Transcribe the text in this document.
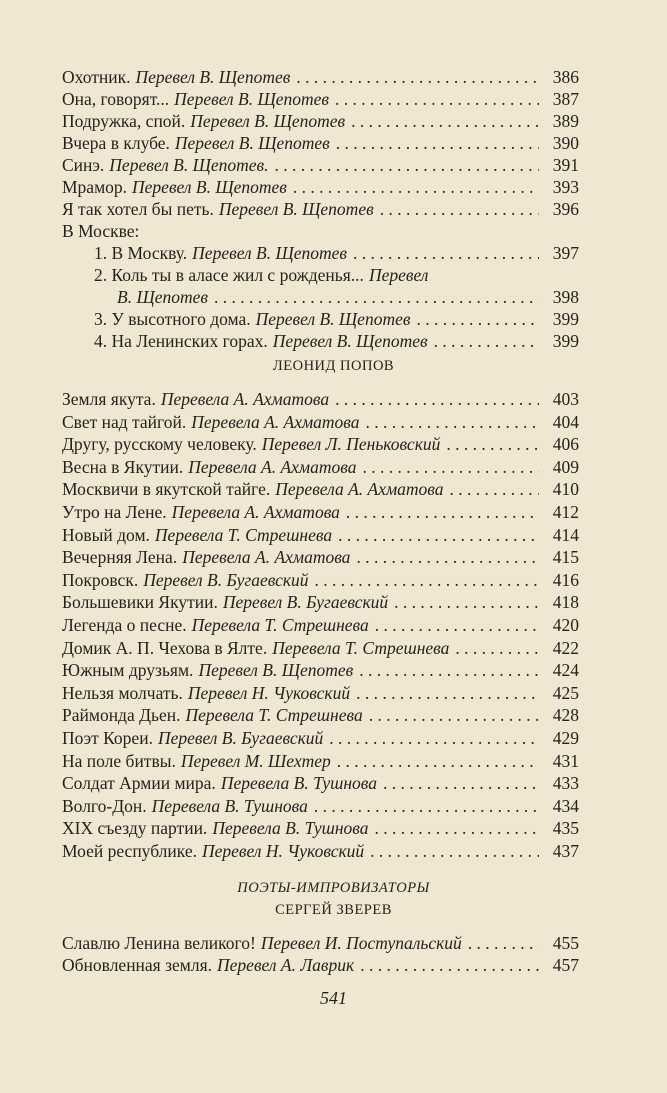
Охотник. Перевел В. Щепотев . . .	386
Она, говорят... Перевел В. Щепотев . . .	387
Подружка, спой. Перевел В. Щепотев . . .	389
Вчера в клубе. Перевел В. Щепотев . . .	390
Синэ. Перевел В. Щепотев. . . .	391
Мрамор. Перевел В. Щепотев . . .	393
Я так хотел бы петь. Перевел В. Щепотев . . .	396
В Москве:
1. В Москву. Перевел В. Щепотев . . .	397
2. Коль ты в аласе жил с рожденья... Перевел
В. Щепотев . . .	398
3. У высотного дома. Перевел В. Щепотев . . .	399
4. На Ленинских горах. Перевел В. Щепотев . . .	399
ЛЕОНИД ПОПОВ
Земля якута. Перевела А. Ахматова . . .	403
Свет над тайгой. Перевела А. Ахматова . . .	404
Другу, русскому человеку. Перевел Л. Пеньковский . . .	406
Весна в Якутии. Перевела А. Ахматова . . .	409
Москвичи в якутской тайге. Перевела А. Ахматова . . .	410
Утро на Лене. Перевела А. Ахматова . . .	412
Новый дом. Перевела Т. Стрешнева . . .	414
Вечерняя Лена. Перевела А. Ахматова . . .	415
Покровск. Перевел В. Бугаевский . . .	416
Большевики Якутии. Перевел В. Бугаевский . . .	418
Легенда о песне. Перевела Т. Стрешнева . . .	420
Домик А. П. Чехова в Ялте. Перевела Т. Стрешнева . . .	422
Южным друзьям. Перевел В. Щепотев . . .	424
Нельзя молчать. Перевел Н. Чуковский . . .	425
Раймонда Дьен. Перевела Т. Стрешнева . . .	428
Поэт Кореи. Перевел В. Бугаевский . . .	429
На поле битвы. Перевел М. Шехтер . . .	431
Солдат Армии мира. Перевела В. Тушнова . . .	433
Волго-Дон. Перевела В. Тушнова . . .	434
XIX съезду партии. Перевела В. Тушнова . . .	435
Моей республике. Перевел Н. Чуковский . . .	437
ПОЭТЫ-ИМПРОВИЗАТОРЫ
СЕРГЕЙ ЗВЕРЕВ
Славлю Ленина великого! Перевел И. Поступальский . . .	455
Обновленная земля. Перевел А. Лаврик . . .	457
541
